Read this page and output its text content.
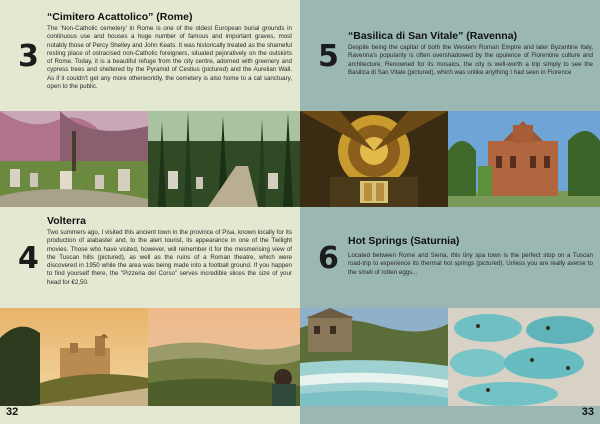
3
“Cimitero Acattolico” (Rome)
The ‘Non-Catholic cemetery’ in Rome is one of the oldest European burial grounds in continuous use and houses a huge number of famous and important graves, most notably those of Percy Shelley and John Keats. It was historically treated as the shameful resting place of ostracised non-Catholic foreigners, situated pejoratively on the outskirts of Rome. Today, it is a beautiful refuge from the city centre, adorned with greenery and cypress trees and sheltered by the Pyramid of Cestius (pictured) and the Aurelian Wall. As if it couldn’t get any more otherworldly, the cemetery is also home to a cat sanctuary, open to the public.
4
Volterra
Two summers ago, I visited this ancient town in the province of Pisa, known locally for its production of alabaster and, to the alert tourist, its appearance in one of the Twilight movies. Those who have visited, however, will remember it for the mesmerising view of the Tuscan hills (pictured), as well as the ruins of a Roman theatre, which were discovered in 1950 while the area was being made into a football ground. If you happen to find yourself there, the “Pizzeria del Corso” serves incredible slices the size of your head for €2,50.
32
5
“Basilica di San Vitale” (Ravenna)
Despite being the capital of both the Western Roman Empire and later Byzantine Italy, Ravenna’s popularity is often overshadowed by the opulence of Florentine culture and architecture. Renowned for its mosaics, the city is well-worth a trip simply to see the Basilica di San Vitale (pictured), which was unlike anything I had seen in Florence
6 Hot Springs (Saturnia)
Located between Rome and Siena, this tiny spa town is the perfect stop on a Tuscan road-trip to experience its thermal hot springs (pictured). Unless you are really averse to the smell of rotten eggs...
33
